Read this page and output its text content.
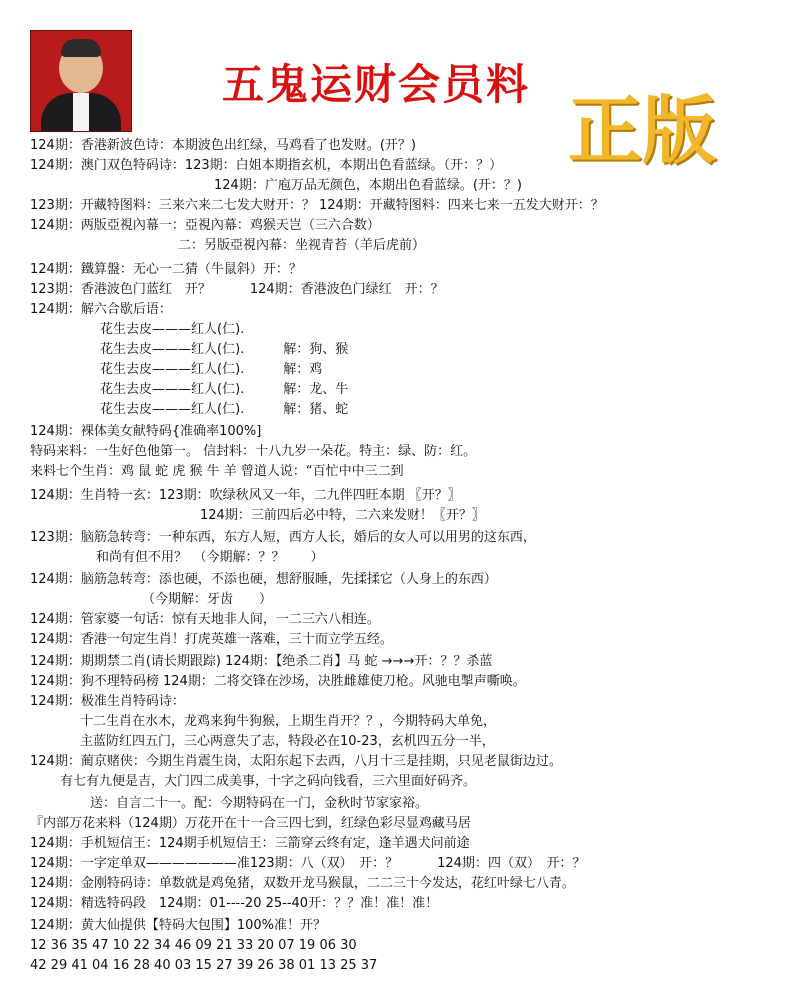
五鬼运财会员料
正版
124期：香港新波色诗：本期波色出红绿，马鸡看了也发财。(开？)
124期：澳门双色特码诗：123期：白姐本期指玄机，本期出色看蓝绿。（开：？）
124期：广庖万品无颜色，本期出色看蓝绿。(开：？)
123期：开藏特图料：三来六来二七发大财开：？ 124期：开藏特图料：四来七来一五发大财开：？
124期：两版亞視內幕一：亞視內幕：鸡猴天岂（三六合数）
二：另版亞視內幕：坐视青苔（羊后虎前）
124期：鐵算盤：无心一二猜（牛鼠斜）开：？
123期：香港波色门蓝红　开？　　　124期：香港波色门绿红　开：？
124期：解六合歇后语：
花生去皮———红人(仁).
花生去皮———红人(仁).　　　解：狗、猴
花生去皮———红人(仁).　　　解：鸡
花生去皮———红人(仁).　　　解：龙、牛
花生去皮———红人(仁).　　　解：猪、蛇
124期：裸体美女献特码{准确率100%]
特码来料：一生好色他第一。 信封料：十八九岁一朵花。特主：绿、防：红。
来料七个生肖：鸡 鼠 蛇 虎 猴 牛 羊 曾道人说：“百忙中中三二到
124期：生肖特一玄：123期：吹绿秋风又一年，二九伴四旺本期 〖开？〗
124期：三前四后必中特，二六来发财！〖开？〗
123期：脑筋急转弯：一种东西，东方人短，西方人长，婚后的女人可以用男的这东西，
和尚有但不用？　（今期解：？？　　）
124期：脑筋急转弯：添也硬，不添也硬，想舒服睡，先揉揉它（人身上的东西）
（今期解：牙齿　　）
124期：管家婆一句话：惊有天地非人间，一二三六八相连。
124期：香港一句定生肖！打虎英雄一落难，三十而立学五经。
124期：期期禁二肖(请长期跟踪) 124期：【绝杀二肖】马 蛇 →→→开：？？杀蓝
124期：狗不理特码榜 124期：二将交锋在沙场，决胜雌雄使刀枪。风驰电掣声嘶唤。
124期：极准生肖特码诗：
十二生肖在水木，龙鸡来狗牛狗猴，上期生肖开？？，今期特码大单免，
主蓝防红四五门，三心两意失了志，特段必在10-23，玄机四五分一半，
124期：蔺京赌侠：今期生肖震生岗，太阳东起下去西，八月十三是挂期，只见老鼠街边过。
有七有九便是吉，大门四二成美事，十字之码向钱看，三六里面好码齐。
送：自言二十一。配：今期特码在一门，金秋时节家家裕。
『内部万花来料（124期）万花开在十一合三四七到，红绿色彩尽显鸡藏马居
124期：手机短信王：124期手机短信王：三箭穿云终有定，逢羊遇犬问前途
124期：一字定单双———————准123期：八（双）　开：？　　　124期：四（双）　开：？
124期：金刚特码诗：单数就是鸡兔猪，双数开龙马猴鼠，二二三十今发达，花红叶绿七八青。
124期：精选特码段　124期：01----20 25--40开：？？准！准！准！
124期：黄大仙提供【特码大包围】100%准！开？
12 36 35 47 10 22 34 46 09 21 33 20 07 19 06 30
42 29 41 04 16 28 40 03 15 27 39 26 38 01 13 25 37
